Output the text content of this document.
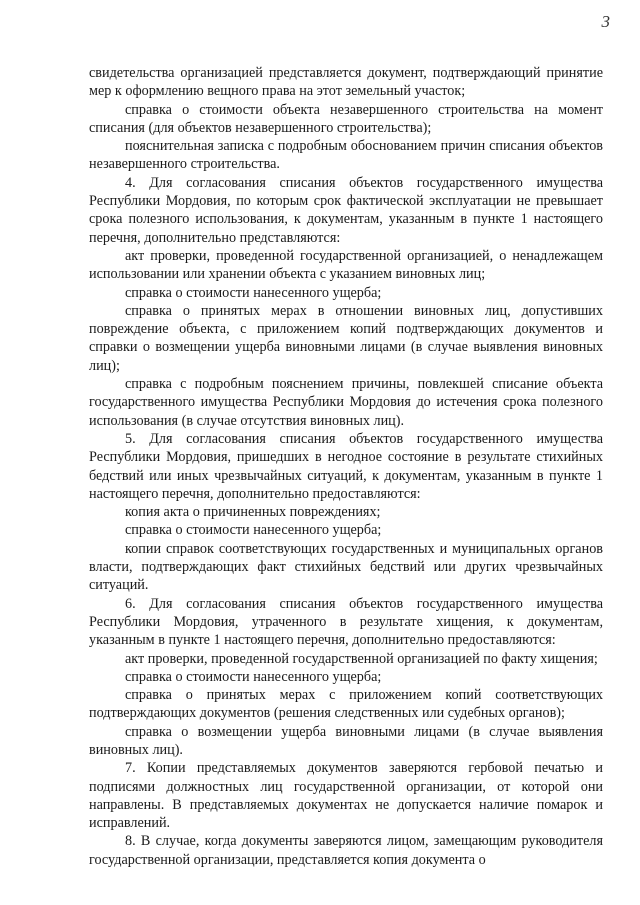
3

свидетельства организацией представляется документ, подтверждающий принятие мер к оформлению вещного права на этот земельный участок;

справка о стоимости объекта незавершенного строительства на момент списания (для объектов незавершенного строительства);

пояснительная записка с подробным обоснованием причин списания объектов незавершенного строительства.

4. Для согласования списания объектов государственного имущества Республики Мордовия, по которым срок фактической эксплуатации не превышает срока полезного использования, к документам, указанным в пункте 1 настоящего перечня, дополнительно представляются:

акт проверки, проведенной государственной организацией, о ненадлежащем использовании или хранении объекта с указанием виновных лиц;

справка о стоимости нанесенного ущерба;

справка о принятых мерах в отношении виновных лиц, допустивших повреждение объекта, с приложением копий подтверждающих документов и справки о возмещении ущерба виновными лицами (в случае выявления виновных лиц);

справка с подробным пояснением причины, повлекшей списание объекта государственного имущества Республики Мордовия до истечения срока полезного использования (в случае отсутствия виновных лиц).

5. Для согласования списания объектов государственного имущества Республики Мордовия, пришедших в негодное состояние в результате стихийных бедствий или иных чрезвычайных ситуаций, к документам, указанным в пункте 1 настоящего перечня, дополнительно предоставляются:

копия акта о причиненных повреждениях;

справка о стоимости нанесенного ущерба;

копии справок соответствующих государственных и муниципальных органов власти, подтверждающих факт стихийных бедствий или других чрезвычайных ситуаций.

6. Для согласования списания объектов государственного имущества Республики Мордовия, утраченного в результате хищения, к документам, указанным в пункте 1 настоящего перечня, дополнительно предоставляются:

акт проверки, проведенной государственной организацией по факту хищения;

справка о стоимости нанесенного ущерба;

справка о принятых мерах с приложением копий соответствующих подтверждающих документов (решения следственных или судебных органов);

справка о возмещении ущерба виновными лицами (в случае выявления виновных лиц).

7. Копии представляемых документов заверяются гербовой печатью и подписями должностных лиц государственной организации, от которой они направлены. В представляемых документах не допускается наличие помарок и исправлений.

8. В случае, когда документы заверяются лицом, замещающим руководителя государственной организации, представляется копия документа о
